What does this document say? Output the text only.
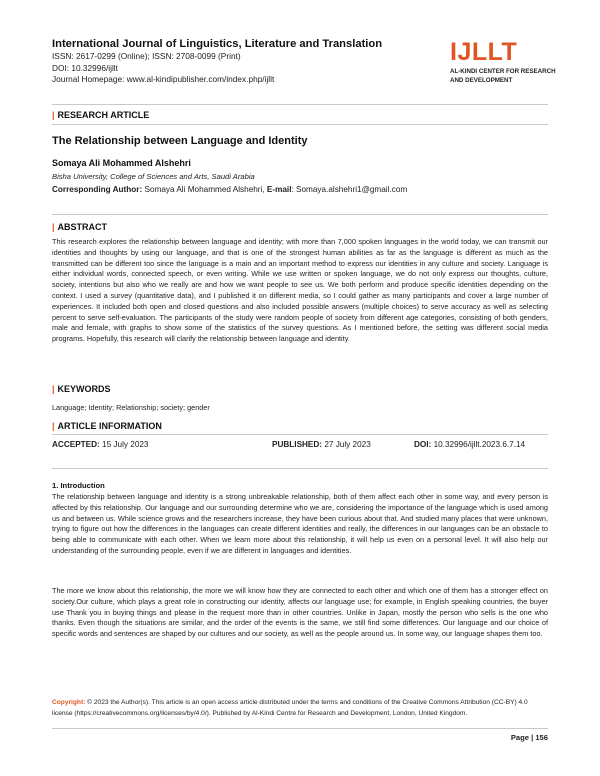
International Journal of Linguistics, Literature and Translation
ISSN: 2617-0299 (Online); ISSN: 2708-0099 (Print)
DOI: 10.32996/ijllt
Journal Homepage: www.al-kindipublisher.com/index.php/ijllt
IJLLT
AL-KINDI CENTER FOR RESEARCH
AND DEVELOPMENT
| RESEARCH ARTICLE
The Relationship between Language and Identity
Somaya Ali Mohammed Alshehri
Bisha University, College of Sciences and Arts, Saudi Arabia
Corresponding Author: Somaya Ali Mohammed Alshehri, E-mail: Somaya.alshehri1@gmail.com
| ABSTRACT
This research explores the relationship between language and identity; with more than 7,000 spoken languages in the world today, we can transmit our identities and thoughts by using our language, and that is one of the strongest human abilities as far as the language is different as much as the transmitted can be different too since the language is a main and an important method to express our identities in any culture and society. Language is either individual words, connected speech, or even writing. While we use written or spoken language, we do not only express our thoughts, culture, society, intentions but also who we really are and how we want people to see us. We both perform and produce specific identities depending on the context. I used a survey (quantitative data), and I published it on different media, so I could gather as many participants and cover a large number of experiences. It included both open and closed questions and also included possible answers (multiple choices) to serve accuracy as well as selecting percent to serve self-evaluation. The participants of the study were random people of society from different age categories, consisting of both genders, male and female, with graphs to show some of the statistics of the survey questions. As I mentioned before, the setting was different social media programs. Hopefully, this research will clarify the relationship between language and identity.
| KEYWORDS
Language; Identity; Relationship; society; gender
| ARTICLE INFORMATION
ACCEPTED: 15 July 2023	PUBLISHED: 27 July 2023	DOI: 10.32996/ijllt.2023.6.7.14
1. Introduction
The relationship between language and identity is a strong unbreakable relationship, both of them affect each other in some way, and every person is affected by this relationship. Our language and our surrounding determine who we are, considering the importance of the language which is used among us and between us. While science grows and the researchers increase, they have been curious about that. And studied many places that were unknown, trying to figure out how the differences in the languages can create different identities and really, the differences in our languages can be an obstacle to being able to communicate with each other. When we learn more about this relationship, it will help us even on a personal level. It will also help our understanding of the surrounding people, even if we are different in languages and identities.
The more we know about this relationship, the more we will know how they are connected to each other and which one of them has a stronger effect on society.Our culture, which plays a great role in constructing our identity, affects our language use; for example, in English speaking countries, the buyer use Thank you in buying things and please in the request more than in other countries. Unlike in Japan, mostly the person who sells is the one who thanks. Even though the situations are similar, and the order of the events is the same, we still find some differences. Our language and our choice of specific words and sentences are shaped by our cultures and our society, as well as the people around us. In some way, our language shapes them too.
Copyright: © 2023 the Author(s). This article is an open access article distributed under the terms and conditions of the Creative Commons Attribution (CC-BY) 4.0 license (https://creativecommons.org/licenses/by/4.0/). Published by Al-Kindi Centre for Research and Development, London, United Kingdom.
Page | 156
